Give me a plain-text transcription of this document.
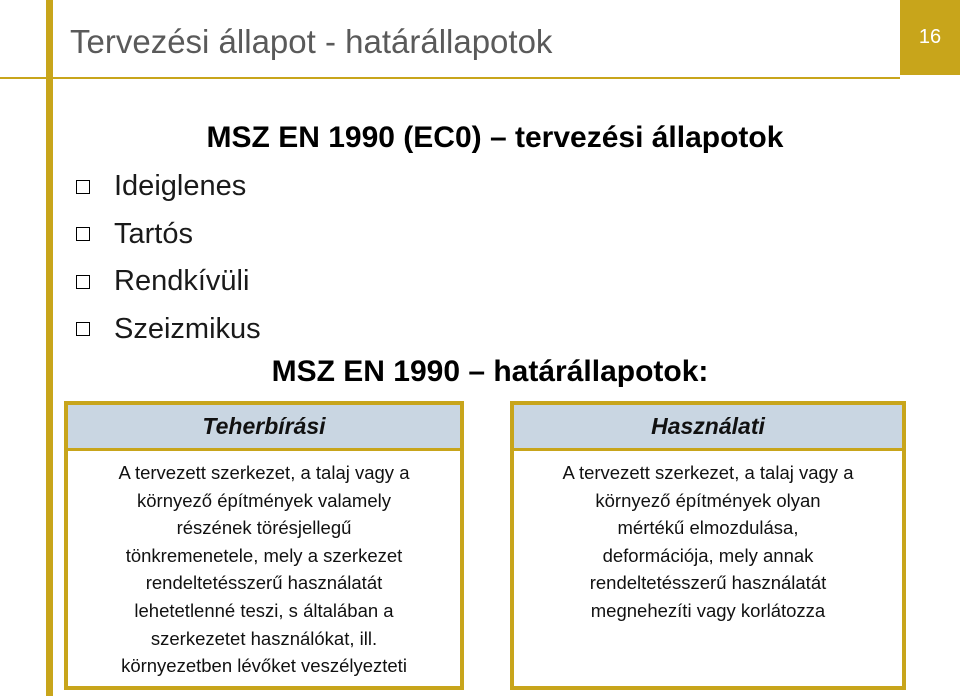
Tervezési állapot - határállapotok	16
MSZ EN 1990 (EC0) – tervezési állapotok
Ideiglenes
Tartós
Rendkívüli
Szeizmikus
MSZ EN 1990 – határállapotok:
Teherbírási
A tervezett szerkezet, a talaj vagy a
környező építmények valamely
részének törésjellegű
tönkremenetele, mely a szerkezet
rendeltetésszerű használatát
lehetetlenné teszi, s általában a
szerkezetet használókat, ill.
környezetben lévőket veszélyezteti
Használati
A tervezett szerkezet, a talaj vagy a
környező építmények olyan
mértékű elmozdulása,
deformációja, mely annak
rendeltetésszerű használatát
megnehezíti vagy korlátozza
